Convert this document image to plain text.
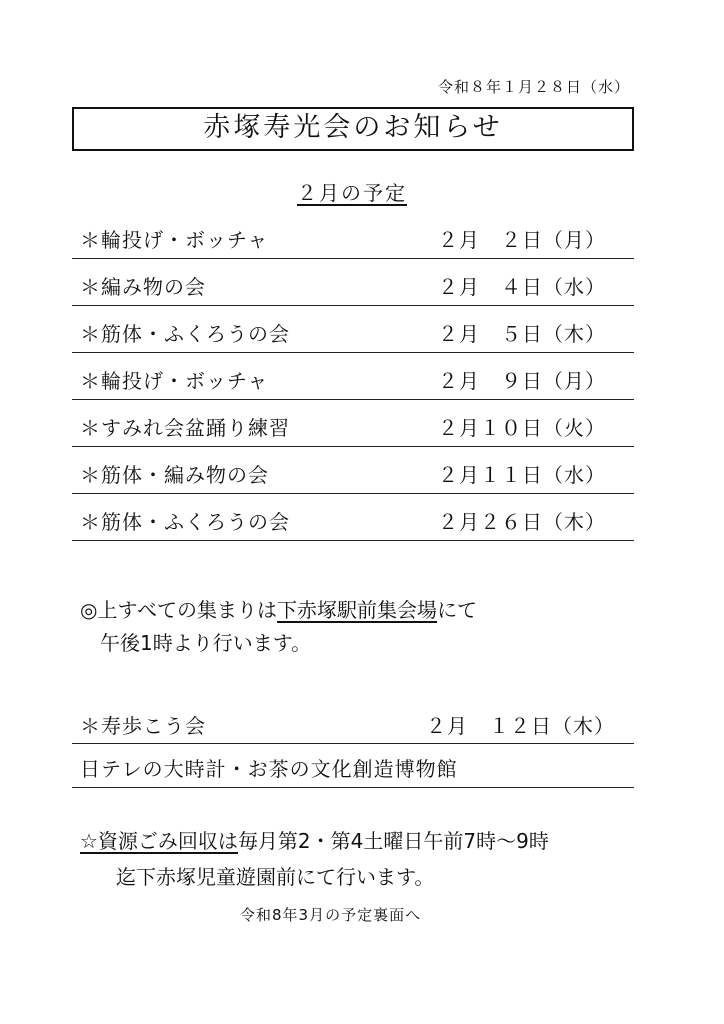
令和８年１月２８日（水）
赤塚寿光会のお知らせ
２月の予定
＊輪投げ・ボッチャ	２月　２日（月）
＊編み物の会	２月　４日（水）
＊筋体・ふくろうの会	２月　５日（木）
＊輪投げ・ボッチャ	２月　９日（月）
＊すみれ会盆踊り練習	２月１０日（火）
＊筋体・編み物の会	２月１１日（水）
＊筋体・ふくろうの会	２月２６日（木）
◎上すべての集まりは下赤塚駅前集会場にて
午後1時より行います。
＊寿歩こう会	２月　１２日（木）
日テレの大時計・お茶の文化創造博物館
☆資源ごみ回収は毎月第2・第4土曜日午前7時～9時
迄下赤塚児童遊園前にて行います。
令和8年3月の予定裏面へ
